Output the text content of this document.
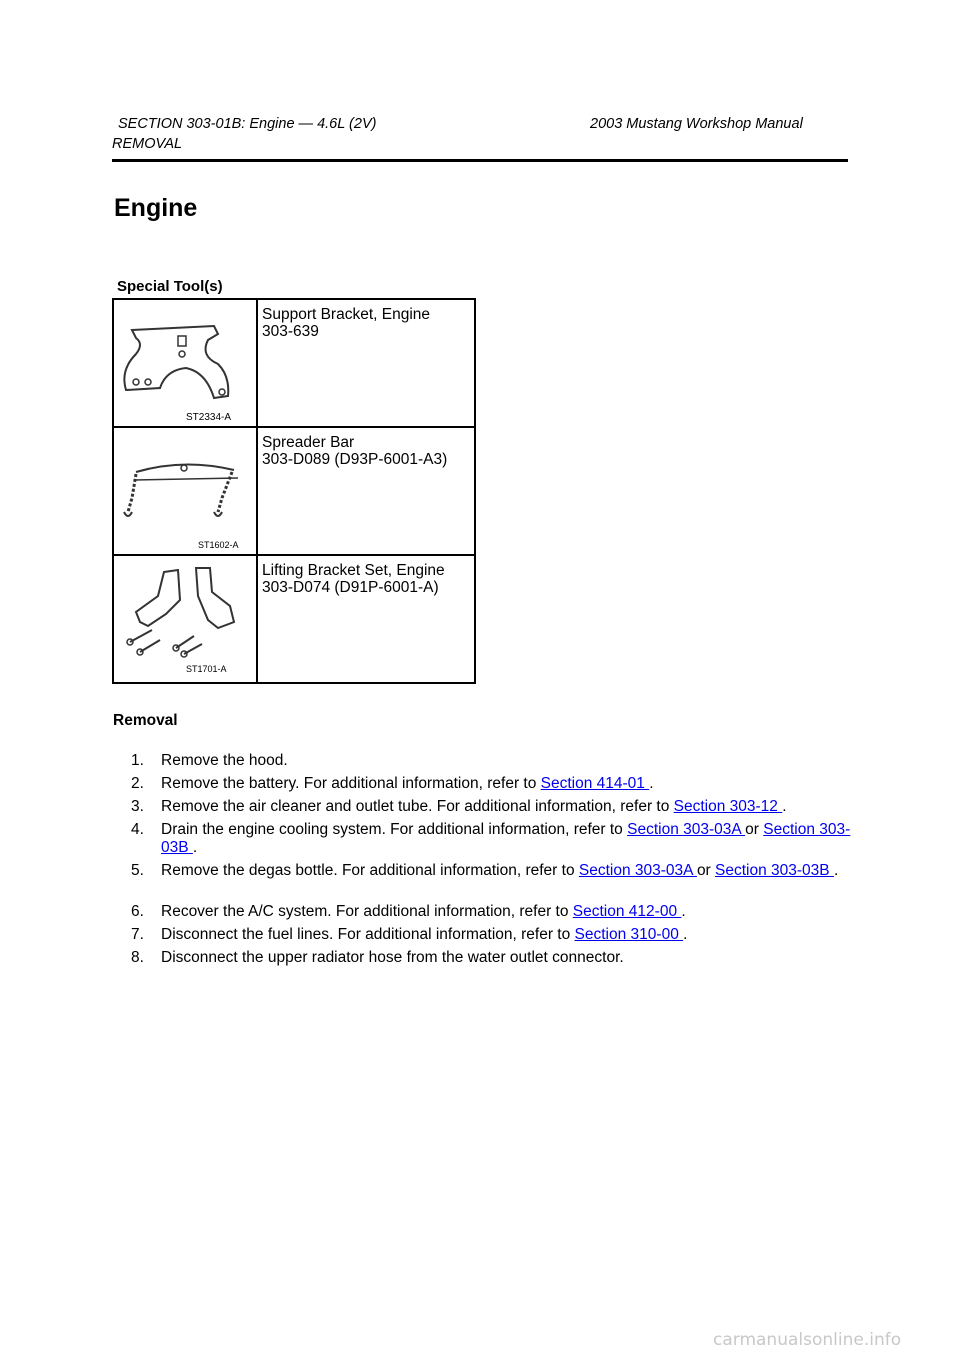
SECTION 303-01B: Engine — 4.6L (2V)	2003 Mustang Workshop Manual
REMOVAL
Engine
Special Tool(s)
ST2334-A	Support Bracket, Engine
303-639

ST1602-A	Spreader Bar
303-D089 (D93P-6001-A3)

ST1701-A	Lifting Bracket Set, Engine
303-D074 (D91P-6001-A)
Removal
1. Remove the hood.
2. Remove the battery. For additional information, refer to Section 414-01 .
3. Remove the air cleaner and outlet tube. For additional information, refer to Section 303-12 .
4. Drain the engine cooling system. For additional information, refer to Section 303-03A or Section 303-03B .
5. Remove the degas bottle. For additional information, refer to Section 303-03A or Section 303-03B .
6. Recover the A/C system. For additional information, refer to Section 412-00 .
7. Disconnect the fuel lines. For additional information, refer to Section 310-00 .
8. Disconnect the upper radiator hose from the water outlet connector.
carmanualsonline.info
